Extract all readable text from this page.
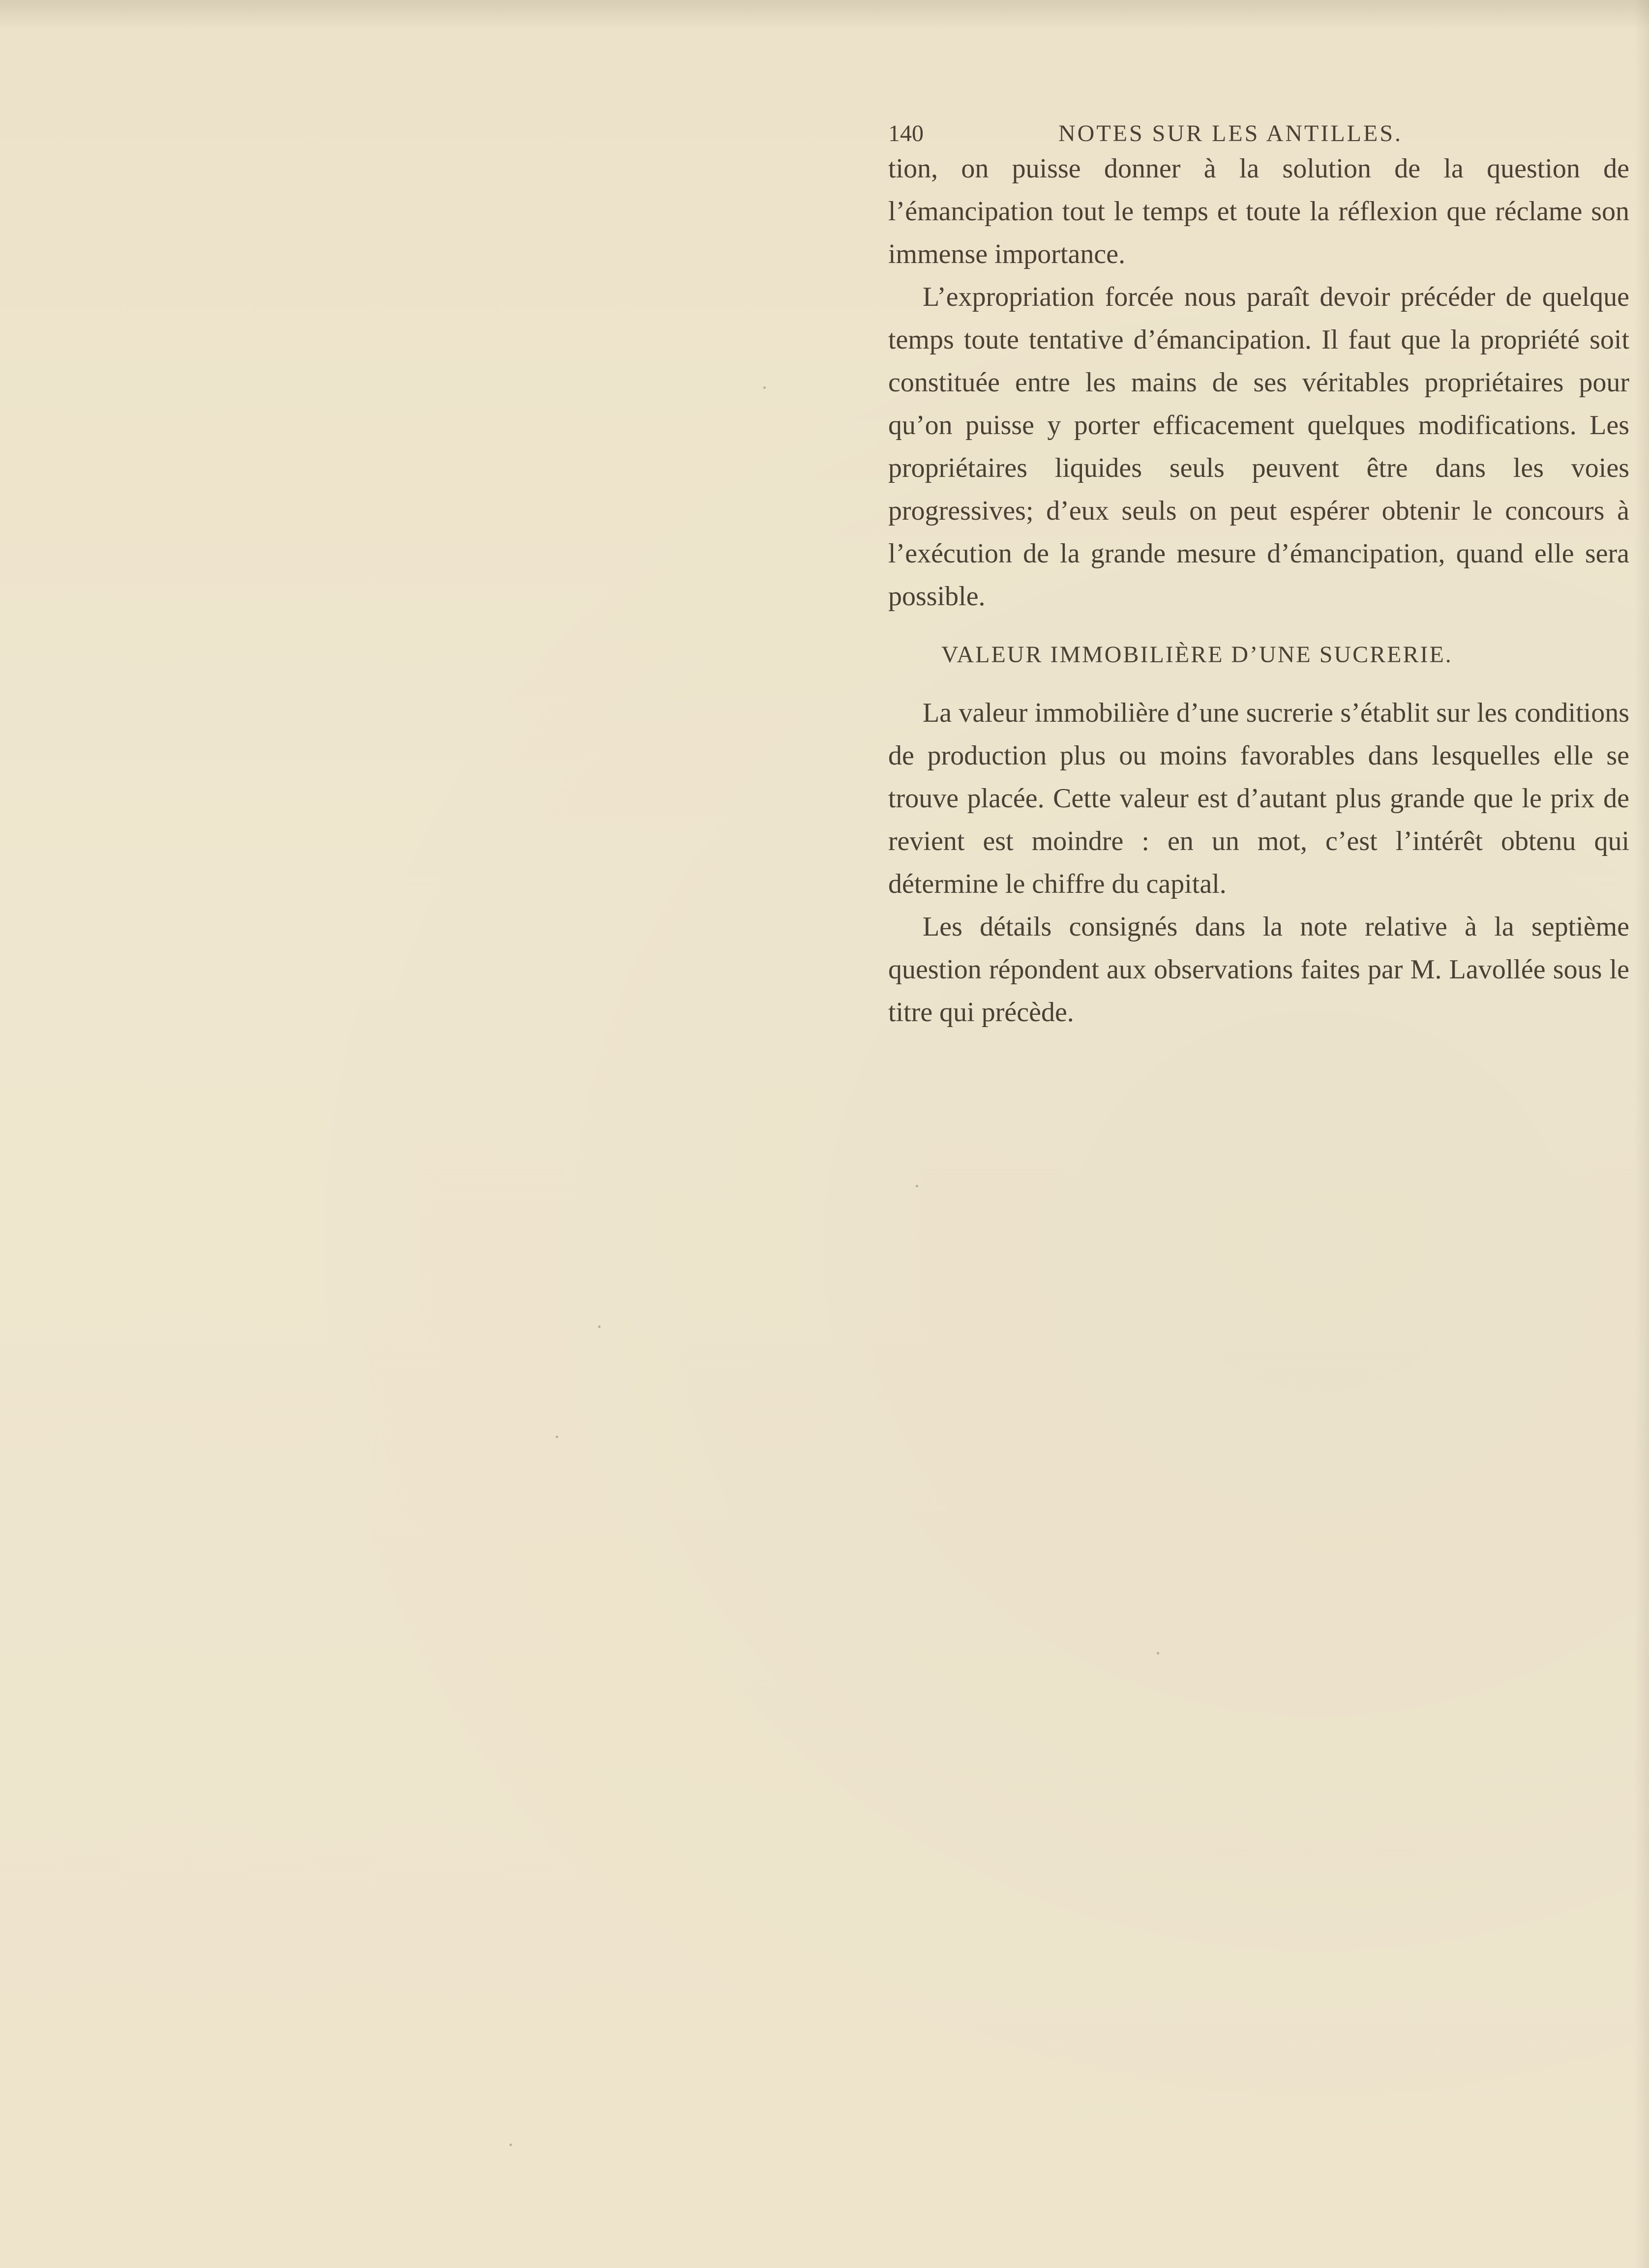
140	NOTES SUR LES ANTILLES.

tion, on puisse donner à la solution de la question de l’émancipation tout le temps et toute la réflexion que réclame son immense importance.

L’expropriation forcée nous paraît devoir précéder de quelque temps toute tentative d’émancipation. Il faut que la propriété soit constituée entre les mains de ses véritables propriétaires pour qu’on puisse y porter efficacement quelques modifications. Les propriétaires liquides seuls peuvent être dans les voies progressives; d’eux seuls on peut espérer obtenir le concours à l’exécution de la grande mesure d’émancipation, quand elle sera possible.

VALEUR IMMOBILIÈRE D’UNE SUCRERIE.

La valeur immobilière d’une sucrerie s’établit sur les conditions de production plus ou moins favorables dans lesquelles elle se trouve placée. Cette valeur est d’autant plus grande que le prix de revient est moindre : en un mot, c’est l’intérêt obtenu qui détermine le chiffre du capital.

Les détails consignés dans la note relative à la septième question répondent aux observations faites par M. Lavollée sous le titre qui précède.
